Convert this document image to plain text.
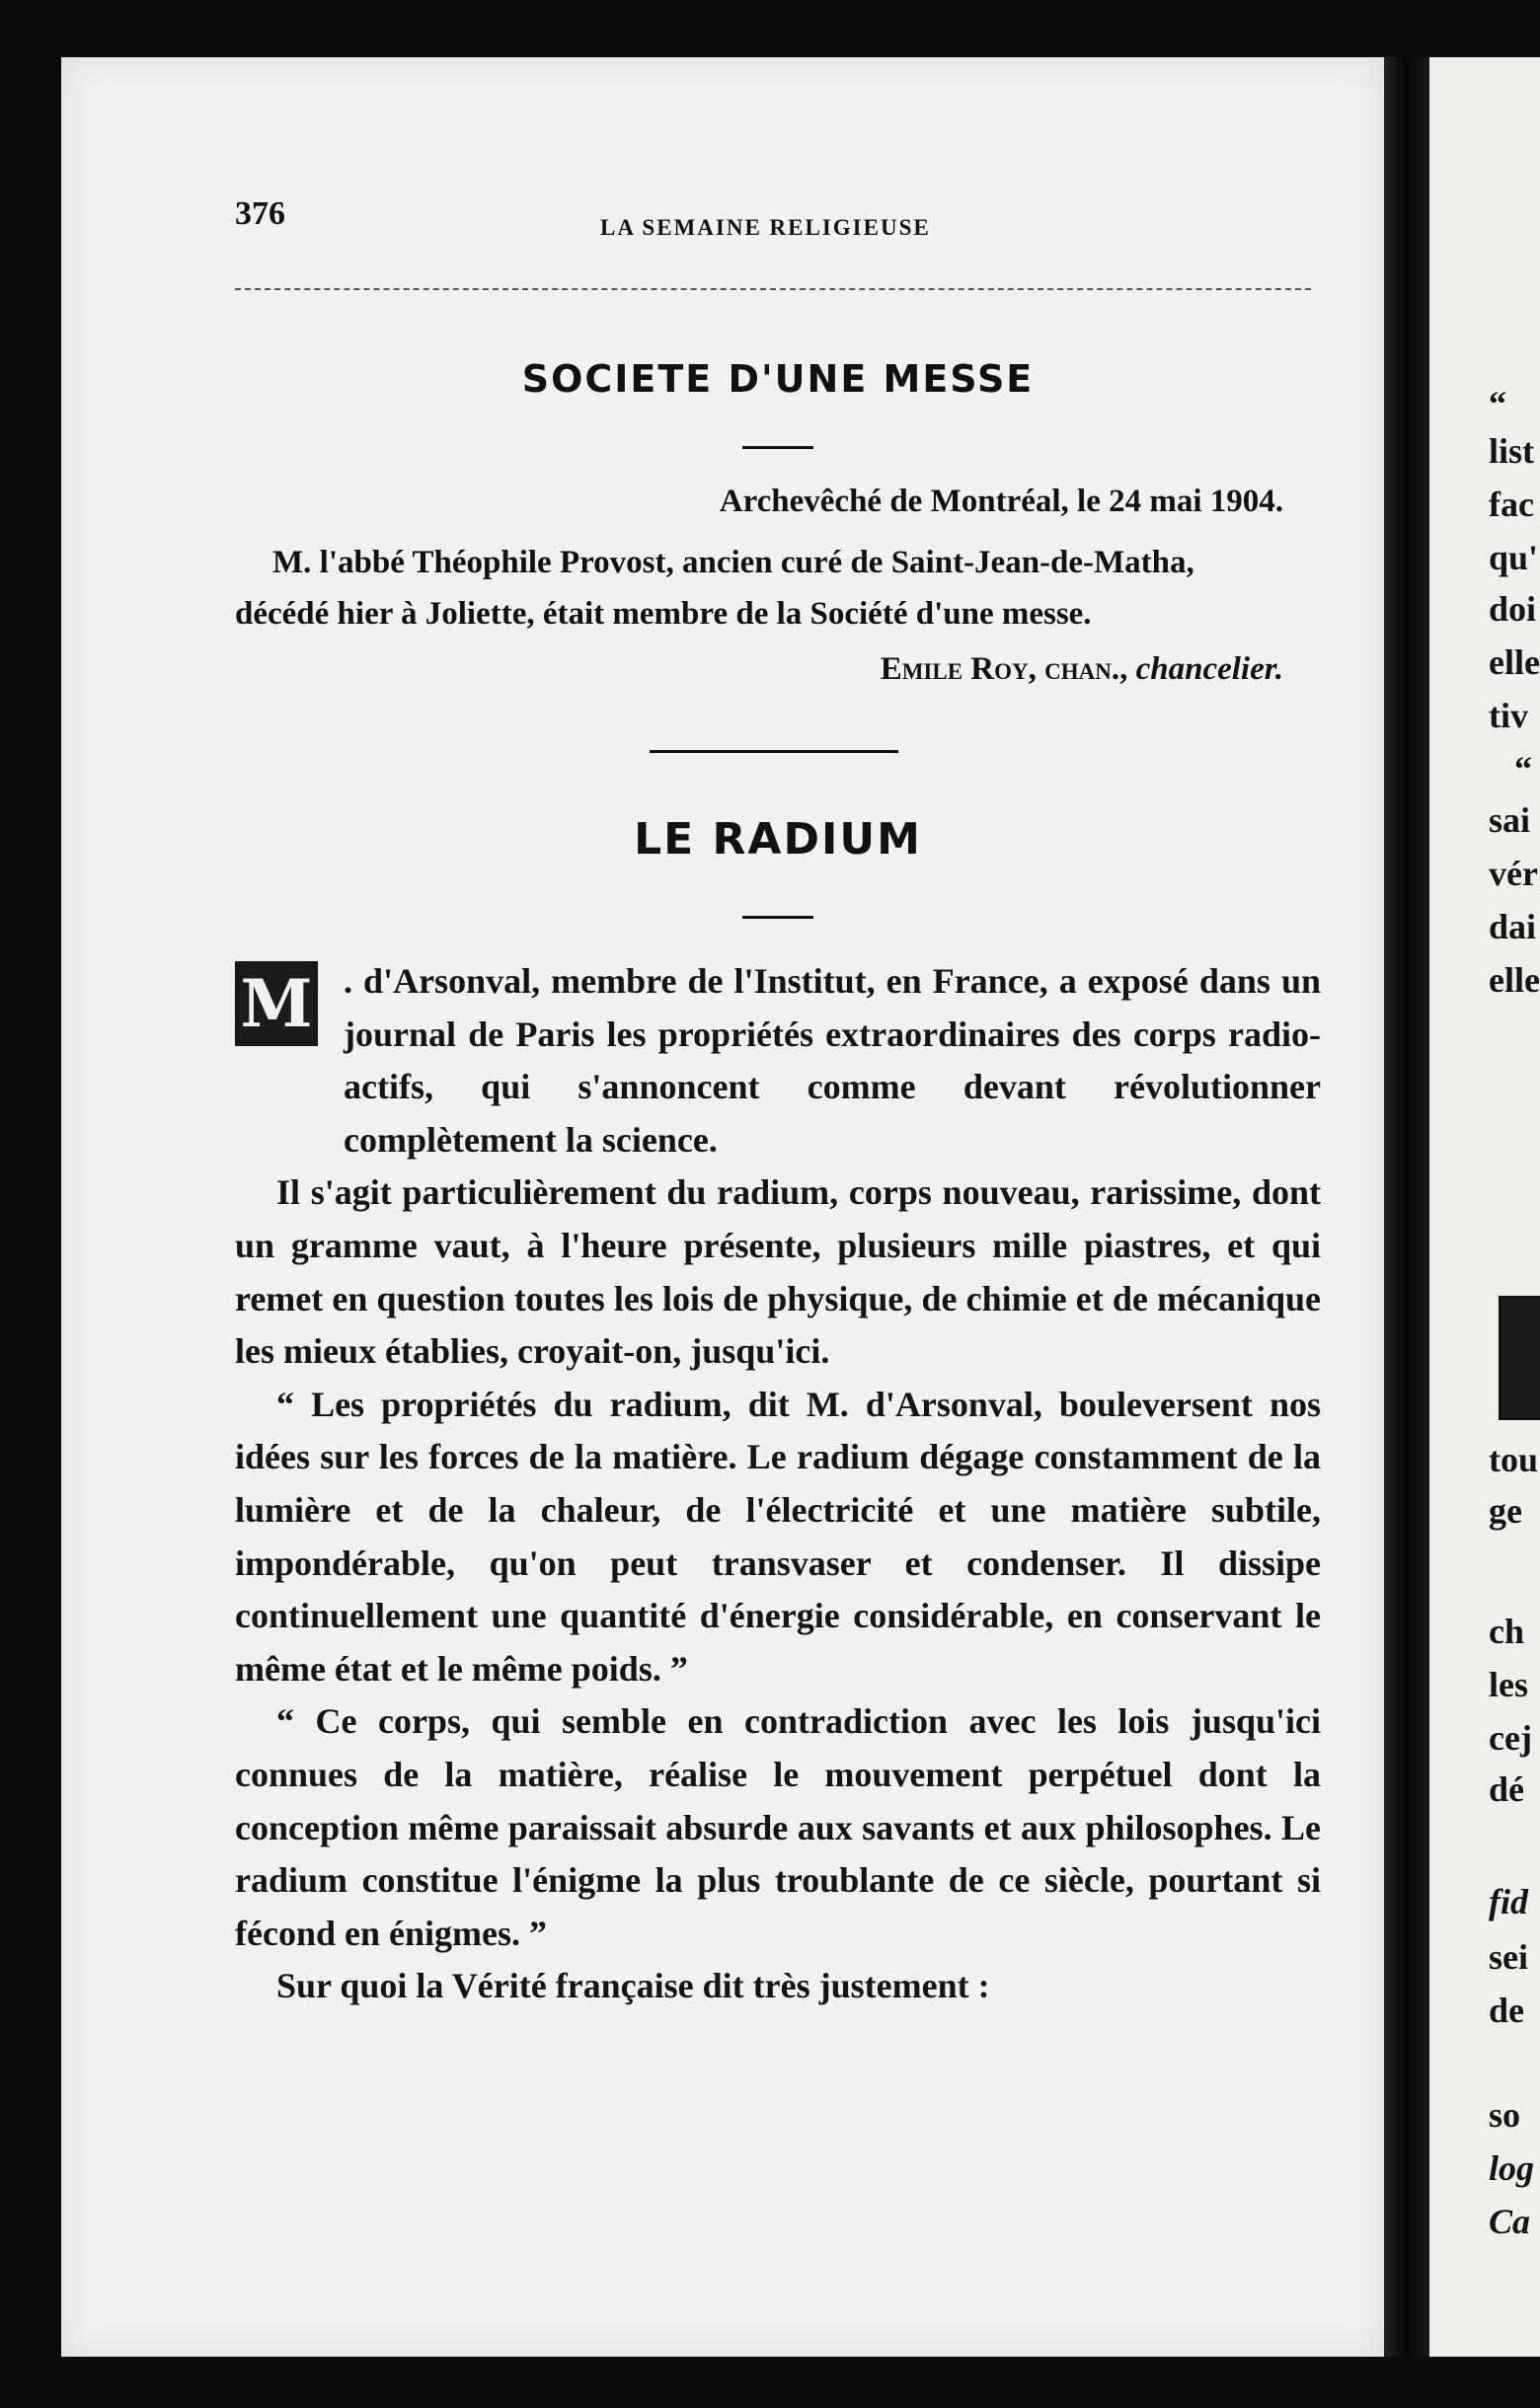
376	LA SEMAINE RELIGIEUSE
SOCIETE D'UNE MESSE
Archevêché de Montréal, le 24 mai 1904.
M. l'abbé Théophile Provost, ancien curé de Saint-Jean-de-Matha,
décédé hier à Joliette, était membre de la Société d'une messe.
Emile Roy, chan., chancelier.
LE RADIUM
M . d'Arsonval, membre de l'Institut, en France, a exposé dans un journal de Paris les propriétés extraordinaires des corps radio-actifs, qui s'annoncent comme devant révolutionner complètement la science.

Il s'agit particulièrement du radium, corps nouveau, rarissime, dont un gramme vaut, à l'heure présente, plusieurs mille piastres, et qui remet en question toutes les lois de physique, de chimie et de mécanique les mieux établies, croyait-on, jusqu'ici.

“ Les propriétés du radium, dit M. d'Arsonval, bouleversent nos idées sur les forces de la matière. Le radium dégage constamment de la lumière et de la chaleur, de l'électricité et une matière subtile, impondérable, qu'on peut transvaser et condenser. Il dissipe continuellement une quantité d'énergie considérable, en conservant le même état et le même poids. ”

“ Ce corps, qui semble en contradiction avec les lois jusqu'ici connues de la matière, réalise le mouvement perpétuel dont la conception même paraissait absurde aux savants et aux philosophes. Le radium constitue l'énigme la plus troublante de ce siècle, pourtant si fécond en énigmes. ”

Sur quoi la Vérité française dit très justement :

“
list
fac
qu'
doi
elle
tiv
“
sai
vér
dai
elle
tou
ge
ch
les
cej
dé
fid
sei
de
so
log
Ca
